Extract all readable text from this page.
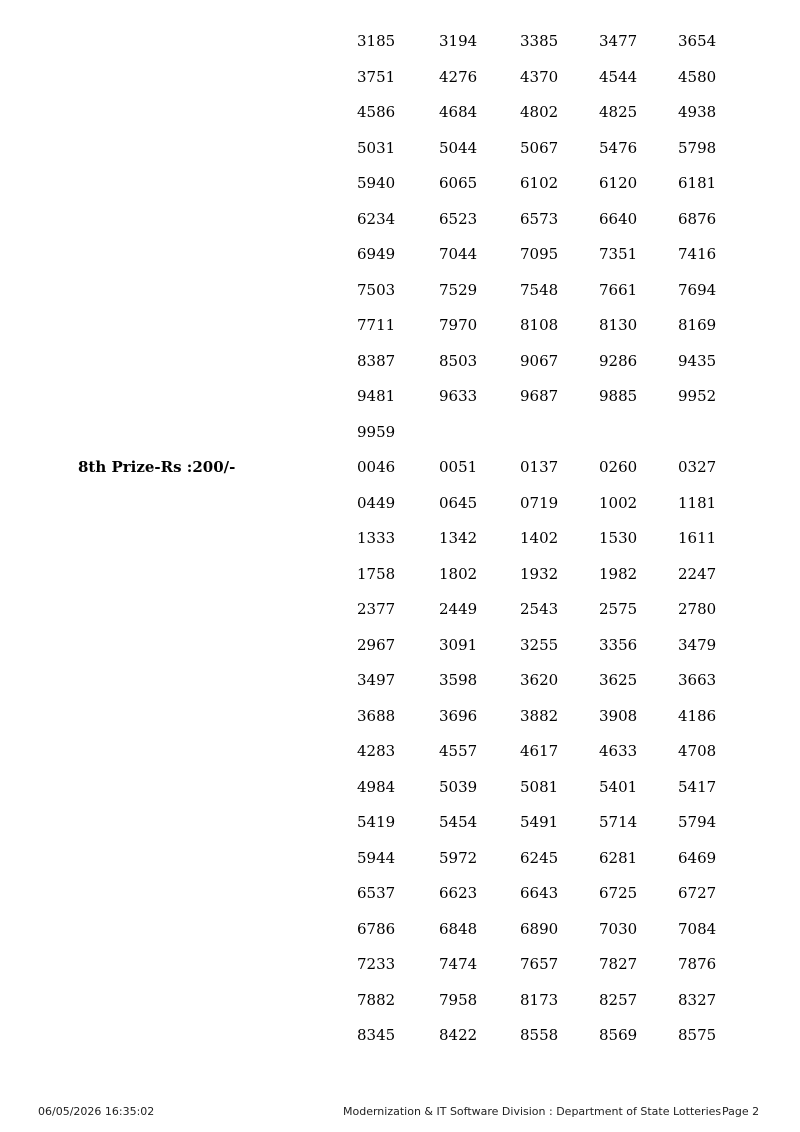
06/05/2026 16:35:02	Modernization & IT Software Division : Department of State Lotteries Page 2
3185	3194	3385	3477	3654
3751	4276	4370	4544	4580
4586	4684	4802	4825	4938
5031	5044	5067	5476	5798
5940	6065	6102	6120	6181
6234	6523	6573	6640	6876
6949	7044	7095	7351	7416
7503	7529	7548	7661	7694
7711	7970	8108	8130	8169
8387	8503	9067	9286	9435
9481	9633	9687	9885	9952
9959
8th Prize-Rs :200/-	0046	0051	0137	0260	0327
0449	0645	0719	1002	1181
1333	1342	1402	1530	1611
1758	1802	1932	1982	2247
2377	2449	2543	2575	2780
2967	3091	3255	3356	3479
3497	3598	3620	3625	3663
3688	3696	3882	3908	4186
4283	4557	4617	4633	4708
4984	5039	5081	5401	5417
5419	5454	5491	5714	5794
5944	5972	6245	6281	6469
6537	6623	6643	6725	6727
6786	6848	6890	7030	7084
7233	7474	7657	7827	7876
7882	7958	8173	8257	8327
8345	8422	8558	8569	8575
